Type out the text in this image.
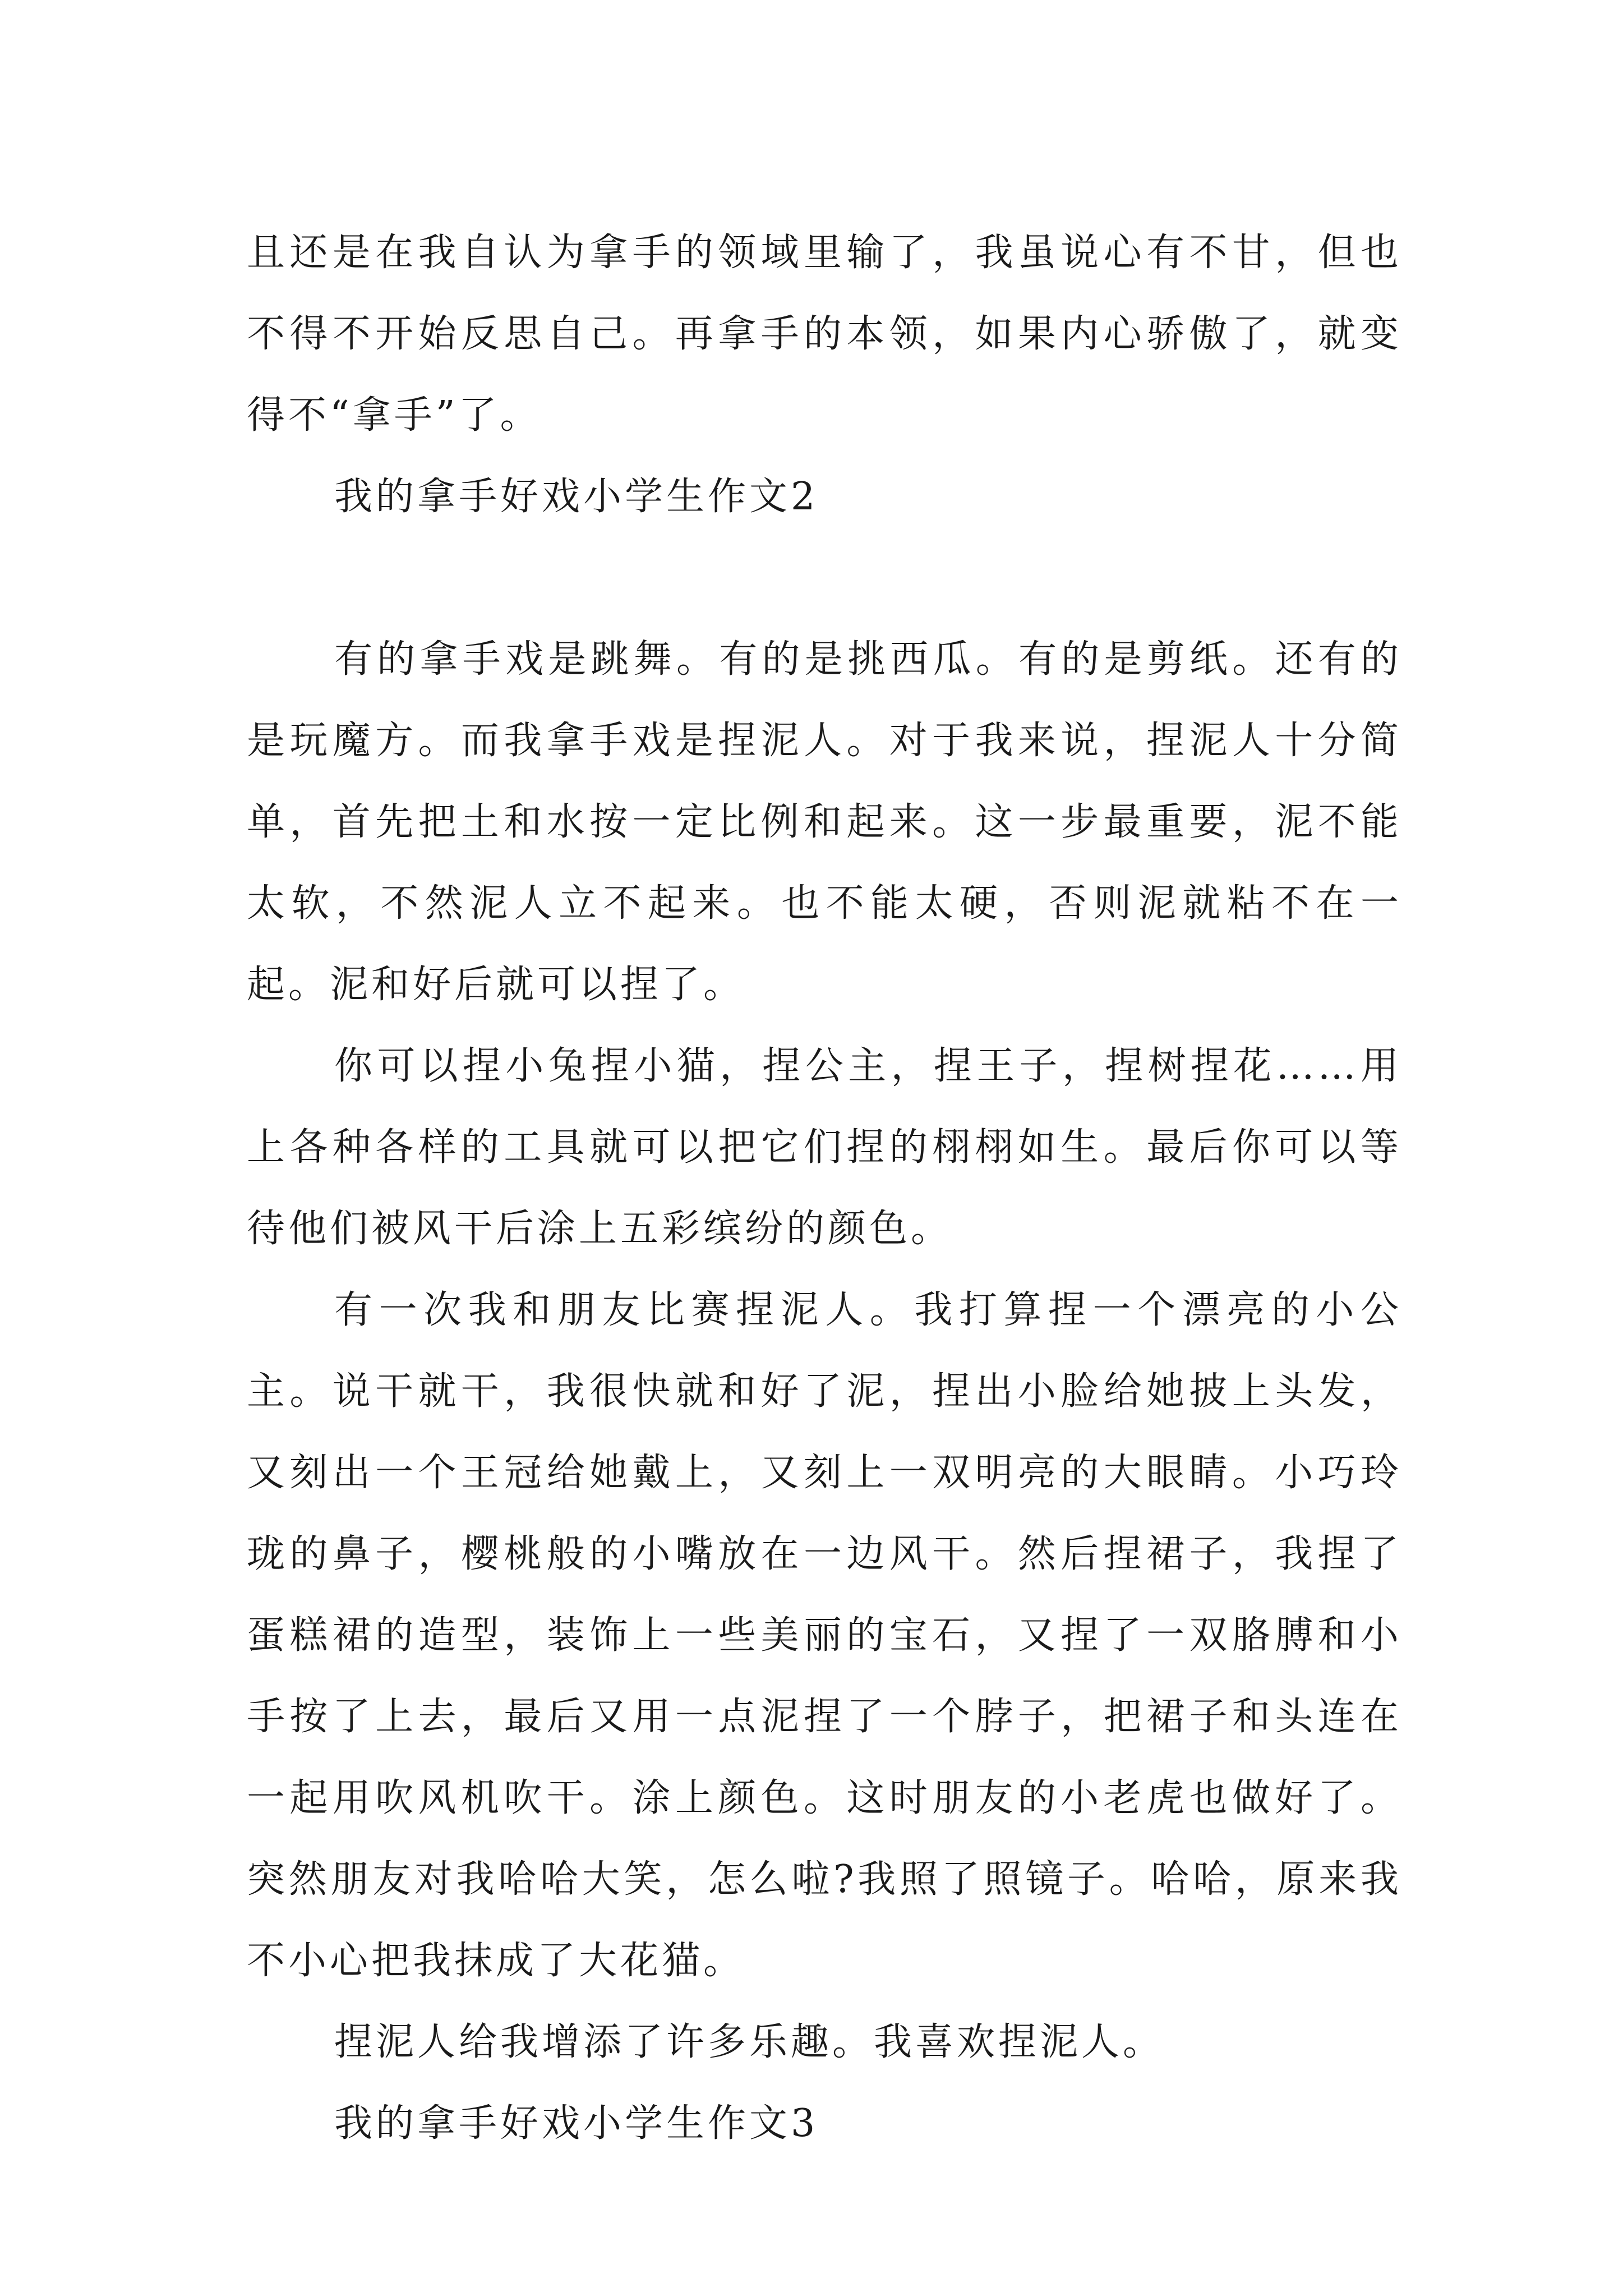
且还是在我自认为拿手的领域里输了，我虽说心有不甘，但也不得不开始反思自己。再拿手的本领，如果内心骄傲了，就变得不“拿手”了。

我的拿手好戏小学生作文2

有的拿手戏是跳舞。有的是挑西瓜。有的是剪纸。还有的是玩魔方。而我拿手戏是捏泥人。对于我来说，捏泥人十分简单，首先把土和水按一定比例和起来。这一步最重要，泥不能太软，不然泥人立不起来。也不能太硬，否则泥就粘不在一起。泥和好后就可以捏了。

你可以捏小兔捏小猫，捏公主，捏王子，捏树捏花……用上各种各样的工具就可以把它们捏的栩栩如生。最后你可以等待他们被风干后涂上五彩缤纷的颜色。

有一次我和朋友比赛捏泥人。我打算捏一个漂亮的小公主。说干就干，我很快就和好了泥，捏出小脸给她披上头发，又刻出一个王冠给她戴上，又刻上一双明亮的大眼睛。小巧玲珑的鼻子，樱桃般的小嘴放在一边风干。然后捏裙子，我捏了蛋糕裙的造型，装饰上一些美丽的宝石，又捏了一双胳膊和小手按了上去，最后又用一点泥捏了一个脖子，把裙子和头连在一起用吹风机吹干。涂上颜色。这时朋友的小老虎也做好了。突然朋友对我哈哈大笑，怎么啦?我照了照镜子。哈哈，原来我不小心把我抹成了大花猫。

捏泥人给我增添了许多乐趣。我喜欢捏泥人。

我的拿手好戏小学生作文3
